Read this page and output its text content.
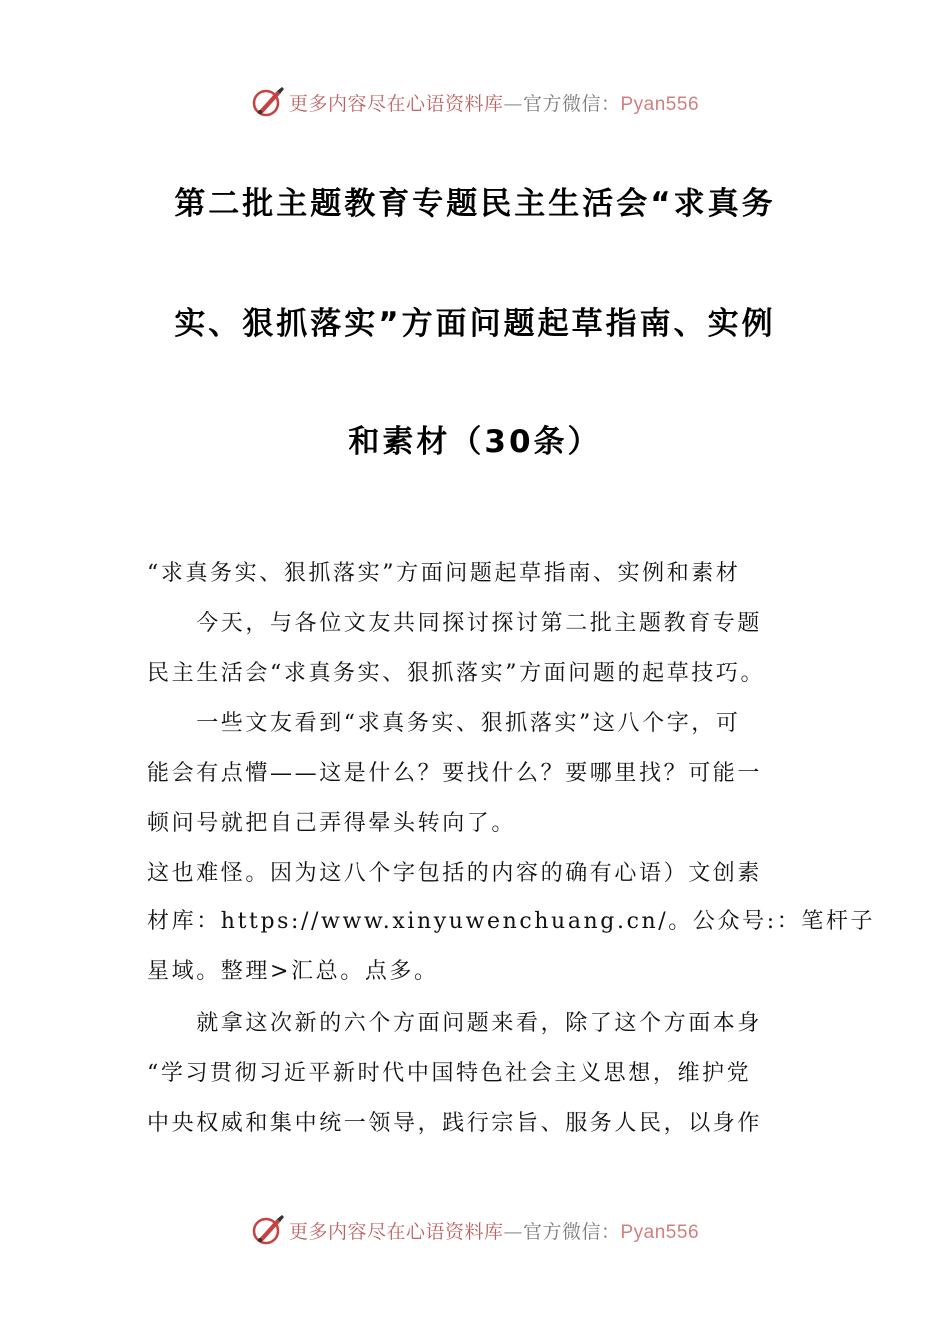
更多内容尽在心语资料库—官方微信：Pyan556
第二批主题教育专题民主生活会“求真务
实、狠抓落实”方面问题起草指南、实例
和素材（30条）
“求真务实、狠抓落实”方面问题起草指南、实例和素材
　　今天，与各位文友共同探讨探讨第二批主题教育专题
民主生活会“求真务实、狠抓落实”方面问题的起草技巧。
　　一些文友看到“求真务实、狠抓落实”这八个字，可
能会有点懵——这是什么？要找什么？要哪里找？可能一
顿问号就把自己弄得晕头转向了。
这也难怪。因为这八个字包括的内容的确有心语）文创素
材库：https://www.xinyuwenchuang.cn/。公众号:：笔杆子
星域。整理>汇总。点多。
　　就拿这次新的六个方面问题来看，除了这个方面本身
“学习贯彻习近平新时代中国特色社会主义思想，维护党
中央权威和集中统一领导，践行宗旨、服务人民，以身作
更多内容尽在心语资料库—官方微信：Pyan556
